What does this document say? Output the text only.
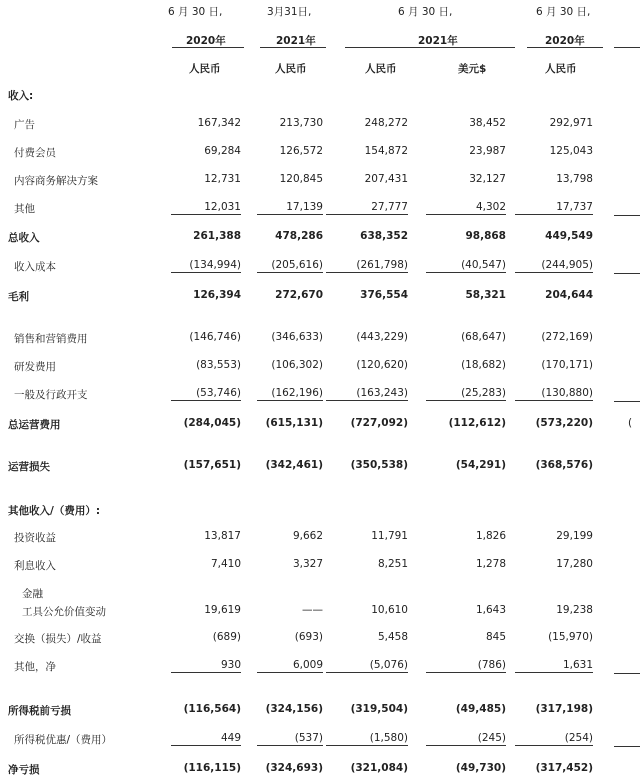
6 月 30 日,	3月31日,	6 月 30 日,	6 月 30 日,
2020年	2021年	2021年	2020年
人民币	人民币	人民币	美元$	人民币
收入:
广告	167,342	213,730	248,272	38,452	292,971
付费会员	69,284	126,572	154,872	23,987	125,043
内容商务解决方案	12,731	120,845	207,431	32,127	13,798
其他	12,031	17,139	27,777	4,302	17,737
总收入	261,388	478,286	638,352	98,868	449,549
收入成本	(134,994)	(205,616)	(261,798)	(40,547)	(244,905)
毛利	126,394	272,670	376,554	58,321	204,644
销售和营销费用	(146,746)	(346,633)	(443,229)	(68,647)	(272,169)
研发费用	(83,553)	(106,302)	(120,620)	(18,682)	(170,171)
一般及行政开支	(53,746)	(162,196)	(163,243)	(25,283)	(130,880)
总运营费用	(284,045)	(615,131)	(727,092)	(112,612)	(573,220)	(
运营损失	(157,651)	(342,461)	(350,538)	(54,291)	(368,576)
其他收入/（费用）:
投资收益	13,817	9,662	11,791	1,826	29,199
利息收入	7,410	3,327	8,251	1,278	17,280
金融
工具公允价值变动	19,619	——	10,610	1,643	19,238
交换（损失）/收益	(689)	(693)	5,458	845	(15,970)
其他，净	930	6,009	(5,076)	(786)	1,631
所得税前亏损	(116,564)	(324,156)	(319,504)	(49,485)	(317,198)
所得税优惠/（费用）	449	(537)	(1,580)	(245)	(254)
净亏损	(116,115)	(324,693)	(321,084)	(49,730)	(317,452)
